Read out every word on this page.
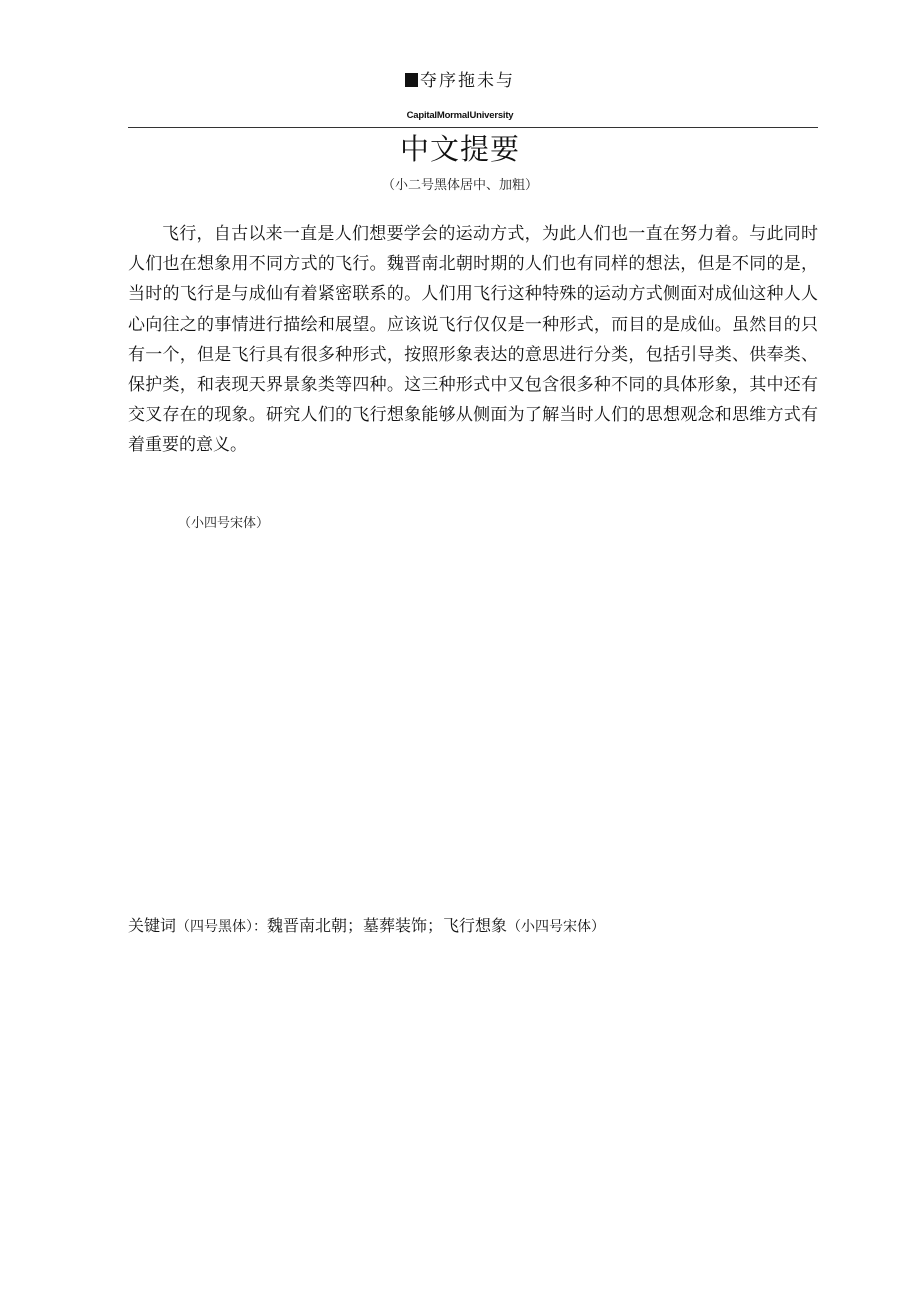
夺序拖未与
CapitalMormalUniversity
中文提要
（小二号黑体居中、加粗）

飞行，自古以来一直是人们想要学会的运动方式，为此人们也一直在努力着。与此同时人们也在想象用不同方式的飞行。魏晋南北朝时期的人们也有同样的想法，但是不同的是，当时的飞行是与成仙有着紧密联系的。人们用飞行这种特殊的运动方式侧面对成仙这种人人心向往之的事情进行描绘和展望。应该说飞行仅仅是一种形式，而目的是成仙。虽然目的只有一个，但是飞行具有很多种形式，按照形象表达的意思进行分类，包括引导类、供奉类、保护类，和表现天界景象类等四种。这三种形式中又包含很多种不同的具体形象，其中还有交叉存在的现象。研究人们的飞行想象能够从侧面为了解当时人们的思想观念和思维方式有着重要的意义。

（小四号宋体）
关键词（四号黑体）：魏晋南北朝；墓葬装饰；飞行想象（小四号宋体）
